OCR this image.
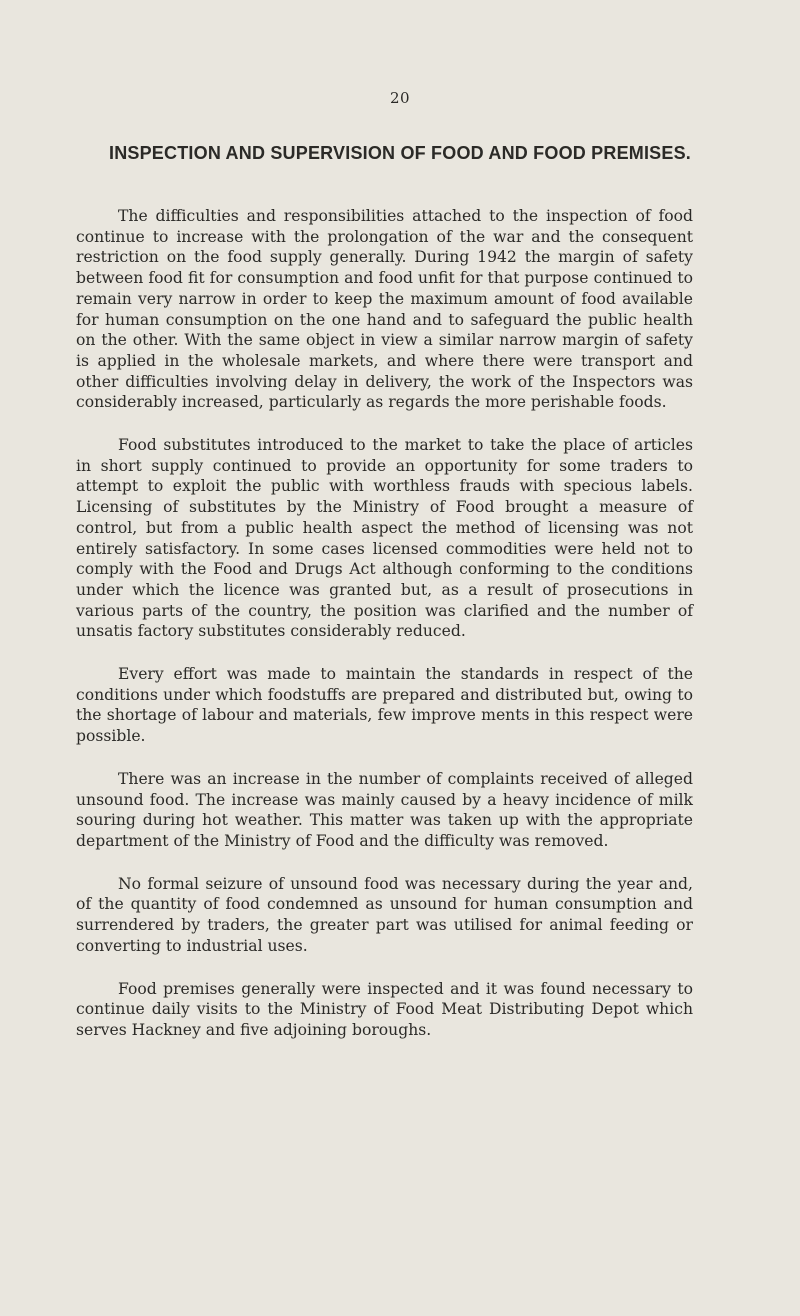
20
INSPECTION AND SUPERVISION OF FOOD AND FOOD PREMISES.

The difficulties and responsibilities attached to the inspection of food continue to increase with the prolongation of the war and the consequent restriction on the food supply generally. During 1942 the margin of safety between food fit for consumption and food unfit for that purpose continued to remain very narrow in order to keep the maximum amount of food available for human consumption on the one hand and to safeguard the public health on the other. With the same object in view a similar narrow margin of safety is applied in the wholesale markets, and where there were transport and other difficulties involving delay in delivery, the work of the Inspectors was considerably increased, particularly as regards the more perishable foods.

Food substitutes introduced to the market to take the place of articles in short supply continued to provide an opportunity for some traders to attempt to exploit the public with worthless frauds with specious labels. Licensing of substitutes by the Ministry of Food brought a measure of control, but from a public health aspect the method of licensing was not entirely satisfactory. In some cases licensed commodities were held not to comply with the Food and Drugs Act although conforming to the conditions under which the licence was granted but, as a result of prosecutions in various parts of the country, the position was clarified and the number of unsatis factory substitutes considerably reduced.

Every effort was made to maintain the standards in respect of the conditions under which foodstuffs are prepared and distributed but, owing to the shortage of labour and materials, few improve ments in this respect were possible.

There was an increase in the number of complaints received of alleged unsound food. The increase was mainly caused by a heavy incidence of milk souring during hot weather. This matter was taken up with the appropriate department of the Ministry of Food and the difficulty was removed.

No formal seizure of unsound food was necessary during the year and, of the quantity of food condemned as unsound for human consumption and surrendered by traders, the greater part was utilised for animal feeding or converting to industrial uses.

Food premises generally were inspected and it was found necessary to continue daily visits to the Ministry of Food Meat Distributing Depot which serves Hackney and five adjoining boroughs.
